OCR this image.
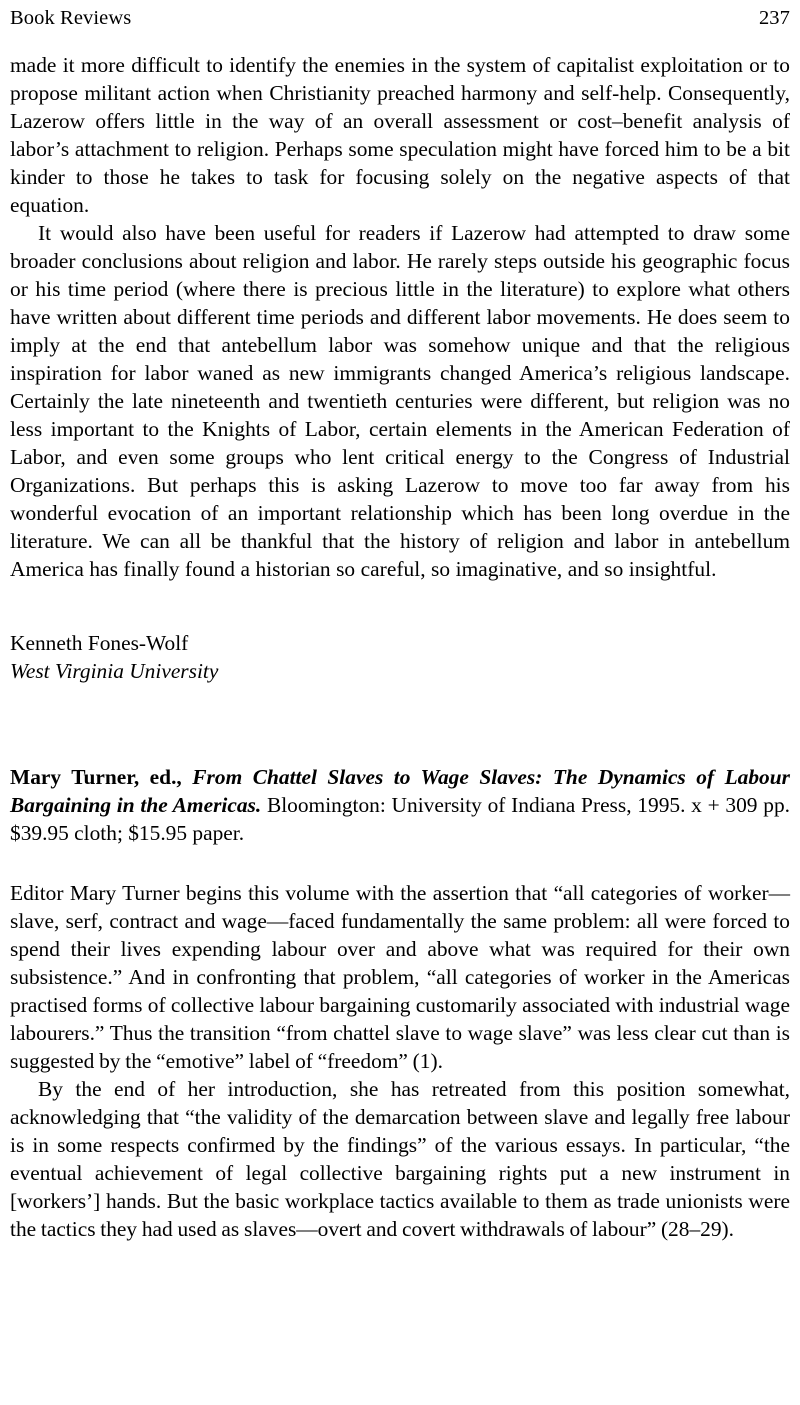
Book Reviews	237

made it more difficult to identify the enemies in the system of capitalist exploitation or to propose militant action when Christianity preached harmony and self-help. Consequently, Lazerow offers little in the way of an overall assessment or cost–benefit analysis of labor’s attachment to religion. Perhaps some speculation might have forced him to be a bit kinder to those he takes to task for focusing solely on the negative aspects of that equation.

It would also have been useful for readers if Lazerow had attempted to draw some broader conclusions about religion and labor. He rarely steps outside his geographic focus or his time period (where there is precious little in the literature) to explore what others have written about different time periods and different labor movements. He does seem to imply at the end that antebellum labor was somehow unique and that the religious inspiration for labor waned as new immigrants changed America’s religious landscape. Certainly the late nineteenth and twentieth centuries were different, but religion was no less important to the Knights of Labor, certain elements in the American Federation of Labor, and even some groups who lent critical energy to the Congress of Industrial Organizations. But perhaps this is asking Lazerow to move too far away from his wonderful evocation of an important relationship which has been long overdue in the literature. We can all be thankful that the history of religion and labor in antebellum America has finally found a historian so careful, so imaginative, and so insightful.

Kenneth Fones-Wolf
West Virginia University
Mary Turner, ed., From Chattel Slaves to Wage Slaves: The Dynamics of Labour Bargaining in the Americas. Bloomington: University of Indiana Press, 1995. x + 309 pp. $39.95 cloth; $15.95 paper.

Editor Mary Turner begins this volume with the assertion that “all categories of worker—slave, serf, contract and wage—faced fundamentally the same problem: all were forced to spend their lives expending labour over and above what was required for their own subsistence.” And in confronting that problem, “all categories of worker in the Americas practised forms of collective labour bargaining customarily associated with industrial wage labourers.” Thus the transition “from chattel slave to wage slave” was less clear cut than is suggested by the “emotive” label of “freedom” (1).

By the end of her introduction, she has retreated from this position somewhat, acknowledging that “the validity of the demarcation between slave and legally free labour is in some respects confirmed by the findings” of the various essays. In particular, “the eventual achievement of legal collective bargaining rights put a new instrument in [workers’] hands. But the basic workplace tactics available to them as trade unionists were the tactics they had used as slaves—overt and covert withdrawals of labour” (28–29).
